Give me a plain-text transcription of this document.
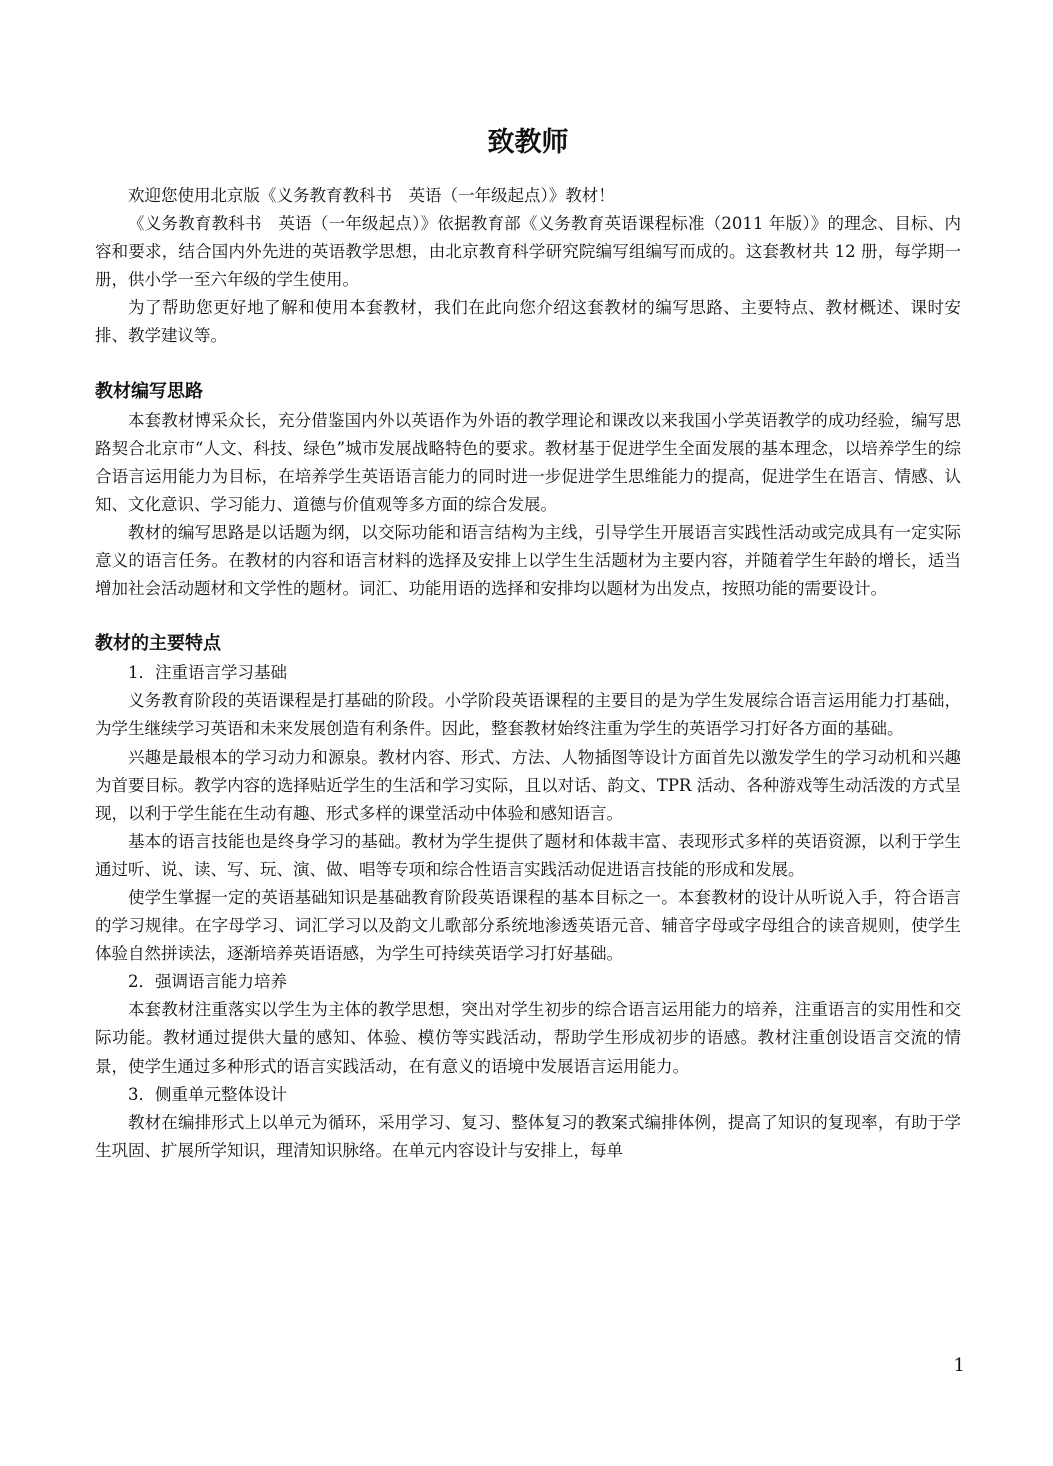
致教师

欢迎您使用北京版《义务教育教科书　英语（一年级起点）》教材！

《义务教育教科书　英语（一年级起点）》依据教育部《义务教育英语课程标准（2011 年版）》的理念、目标、内容和要求，结合国内外先进的英语教学思想，由北京教育科学研究院编写组编写而成的。这套教材共 12 册，每学期一册，供小学一至六年级的学生使用。

为了帮助您更好地了解和使用本套教材，我们在此向您介绍这套教材的编写思路、主要特点、教材概述、课时安排、教学建议等。

教材编写思路

本套教材博采众长，充分借鉴国内外以英语作为外语的教学理论和课改以来我国小学英语教学的成功经验，编写思路契合北京市“人文、科技、绿色”城市发展战略特色的要求。教材基于促进学生全面发展的基本理念，以培养学生的综合语言运用能力为目标，在培养学生英语语言能力的同时进一步促进学生思维能力的提高，促进学生在语言、情感、认知、文化意识、学习能力、道德与价值观等多方面的综合发展。

教材的编写思路是以话题为纲，以交际功能和语言结构为主线，引导学生开展语言实践性活动或完成具有一定实际意义的语言任务。在教材的内容和语言材料的选择及安排上以学生生活题材为主要内容，并随着学生年龄的增长，适当增加社会活动题材和文学性的题材。词汇、功能用语的选择和安排均以题材为出发点，按照功能的需要设计。

教材的主要特点

1．注重语言学习基础

义务教育阶段的英语课程是打基础的阶段。小学阶段英语课程的主要目的是为学生发展综合语言运用能力打基础，为学生继续学习英语和未来发展创造有利条件。因此，整套教材始终注重为学生的英语学习打好各方面的基础。

兴趣是最根本的学习动力和源泉。教材内容、形式、方法、人物插图等设计方面首先以激发学生的学习动机和兴趣为首要目标。教学内容的选择贴近学生的生活和学习实际，且以对话、韵文、TPR 活动、各种游戏等生动活泼的方式呈现，以利于学生能在生动有趣、形式多样的课堂活动中体验和感知语言。

基本的语言技能也是终身学习的基础。教材为学生提供了题材和体裁丰富、表现形式多样的英语资源，以利于学生通过听、说、读、写、玩、演、做、唱等专项和综合性语言实践活动促进语言技能的形成和发展。

使学生掌握一定的英语基础知识是基础教育阶段英语课程的基本目标之一。本套教材的设计从听说入手，符合语言的学习规律。在字母学习、词汇学习以及韵文儿歌部分系统地渗透英语元音、辅音字母或字母组合的读音规则，使学生体验自然拼读法，逐渐培养英语语感，为学生可持续英语学习打好基础。

2．强调语言能力培养

本套教材注重落实以学生为主体的教学思想，突出对学生初步的综合语言运用能力的培养，注重语言的实用性和交际功能。教材通过提供大量的感知、体验、模仿等实践活动，帮助学生形成初步的语感。教材注重创设语言交流的情景，使学生通过多种形式的语言实践活动，在有意义的语境中发展语言运用能力。

3．侧重单元整体设计

教材在编排形式上以单元为循环，采用学习、复习、整体复习的教案式编排体例，提高了知识的复现率，有助于学生巩固、扩展所学知识，理清知识脉络。在单元内容设计与安排上，每单

1
